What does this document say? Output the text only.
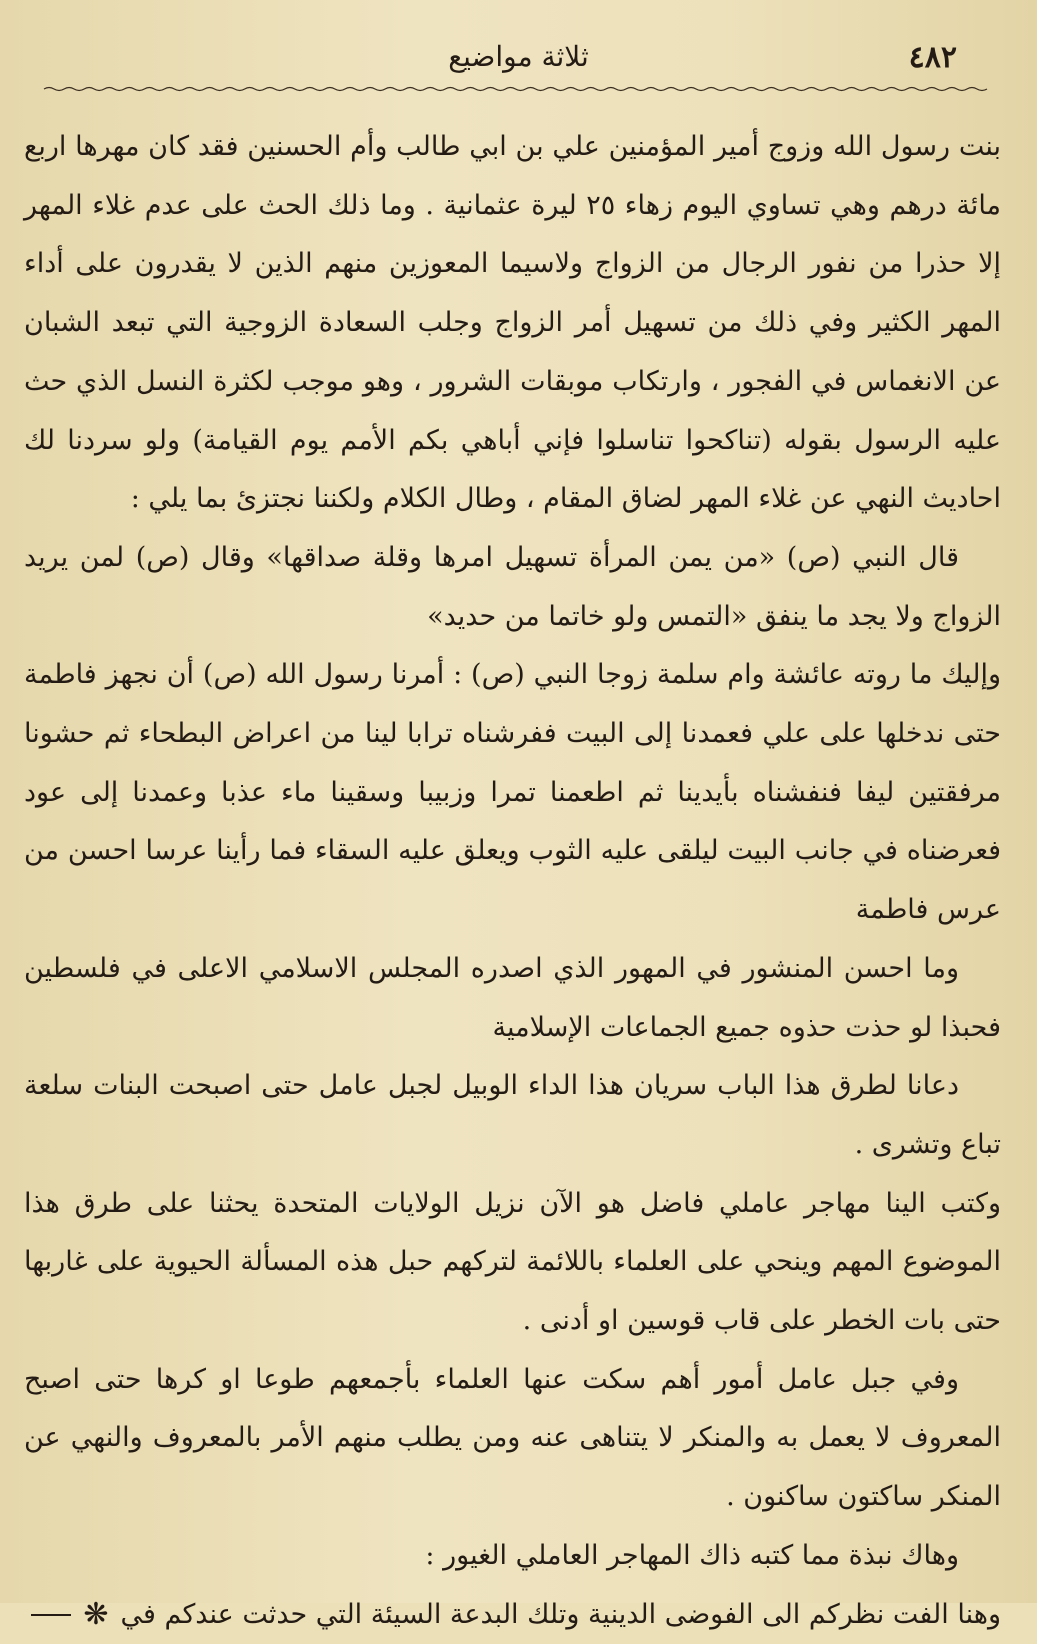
٤٨٢
ثلاثة مواضيع

بنت رسول الله وزوج أمير المؤمنين علي بن ابي طالب وأم الحسنين فقد كان مهرها اربع مائة درهم وهي تساوي اليوم زهاء ٢٥ ليرة عثمانية . وما ذلك الحث على عدم غلاء المهر إلا حذرا من نفور الرجال من الزواج ولاسيما المعوزين منهم الذين لا يقدرون على أداء المهر الكثير وفي ذلك من تسهيل أمر الزواج وجلب السعادة الزوجية التي تبعد الشبان عن الانغماس في الفجور ، وارتكاب موبقات الشرور ، وهو موجب لكثرة النسل الذي حث عليه الرسول بقوله (تناكحوا تناسلوا فإني أباهي بكم الأمم يوم القيامة) ولو سردنا لك احاديث النهي عن غلاء المهر لضاق المقام ، وطال الكلام ولكننا نجتزئ بما يلي :

قال النبي (ص) «من يمن المرأة تسهيل امرها وقلة صداقها» وقال (ص) لمن يريد الزواج ولا يجد ما ينفق «التمس ولو خاتما من حديد»

وإليك ما روته عائشة وام سلمة زوجا النبي (ص) : أمرنا رسول الله (ص) أن نجهز فاطمة حتى ندخلها على علي فعمدنا إلى البيت ففرشناه ترابا لينا من اعراض البطحاء ثم حشونا مرفقتين ليفا فنفشناه بأيدينا ثم اطعمنا تمرا وزبيبا وسقينا ماء عذبا وعمدنا إلى عود فعرضناه في جانب البيت ليلقى عليه الثوب ويعلق عليه السقاء فما رأينا عرسا احسن من عرس فاطمة

وما احسن المنشور في المهور الذي اصدره المجلس الاسلامي الاعلى في فلسطين فحبذا لو حذت حذوه جميع الجماعات الإسلامية

دعانا لطرق هذا الباب سريان هذا الداء الوبيل لجبل عامل حتى اصبحت البنات سلعة تباع وتشرى .

وكتب الينا مهاجر عاملي فاضل هو الآن نزيل الولايات المتحدة يحثنا على طرق هذا الموضوع المهم وينحي على العلماء باللائمة لتركهم حبل هذه المسألة الحيوية على غاربها حتى بات الخطر على قاب قوسين او أدنى .

وفي جبل عامل أمور أهم سكت عنها العلماء بأجمعهم طوعا او كرها حتى اصبح المعروف لا يعمل به والمنكر لا يتناهى عنه ومن يطلب منهم الأمر بالمعروف والنهي عن المنكر ساكتون ساكنون .

وهاك نبذة مما كتبه ذاك المهاجر العاملي الغيور :

وهنا الفت نظركم الى الفوضى الدينية وتلك البدعة السيئة التي حدثت عندكم في
❋
